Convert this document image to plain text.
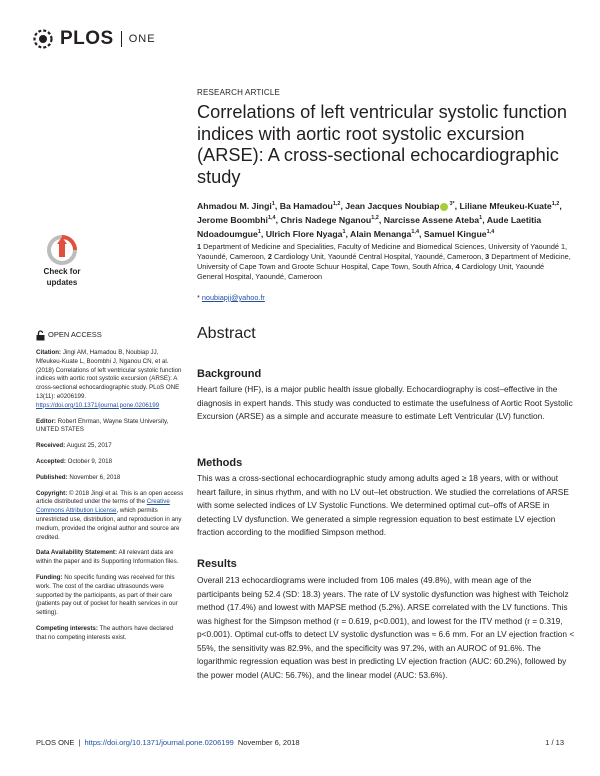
PLOS ONE
RESEARCH ARTICLE
Correlations of left ventricular systolic function indices with aortic root systolic excursion (ARSE): A cross-sectional echocardiographic study

Ahmadou M. Jingi$^1$, Ba Hamadou$^{1,2}$, Jean Jacques Noubiap $^{3*}$, Liliane Mfeukeu-Kuate$^{1,2}$, Jerome Boombhi$^{1,4}$, Chris Nadege Nganou$^{1,2}$, Narcisse Assene Ateba$^1$, Aude Laetitia Ndoadoumgue$^1$, Ulrich Flore Nyaga$^1$, Alain Menanga$^{1,4}$, Samuel Kingue$^{1,4}$

1 Department of Medicine and Specialities, Faculty of Medicine and Biomedical Sciences, University of Yaoundé 1, Yaoundé, Cameroon, 2 Cardiology Unit, Yaoundé Central Hospital, Yaoundé, Cameroon, 3 Department of Medicine, University of Cape Town and Groote Schuur Hospital, Cape Town, South Africa, 4 Cardiology Unit, Yaoundé General Hospital, Yaoundé, Cameroon

* noubiapjj@yahoo.fr
Check for
updates
OPEN ACCESS

Citation: Jingi AM, Hamadou B, Noubiap JJ, Mfeukeu-Kuate L, Boombhi J, Nganou CN, et al. (2018) Correlations of left ventricular systolic function indices with aortic root systolic excursion (ARSE): A cross-sectional echocardiographic study. PLoS ONE 13(11): e0206199. https://doi.org/10.1371/journal.pone.0206199

Editor: Robert Ehrman, Wayne State University, UNITED STATES

Received: August 25, 2017

Accepted: October 9, 2018

Published: November 6, 2018

Copyright: © 2018 Jingi et al. This is an open access article distributed under the terms of the Creative Commons Attribution License, which permits unrestricted use, distribution, and reproduction in any medium, provided the original author and source are credited.

Data Availability Statement: All relevant data are within the paper and its Supporting Information files.

Funding: No specific funding was received for this work. The cost of the cardiac ultrasounds were supported by the participants, as part of their care (patients pay out of pocket for health services in our setting).

Competing interests: The authors have declared that no competing interests exist.

Abstract
Background

Heart failure (HF), is a major public health issue globally. Echocardiography is cost–effective in the diagnosis in expert hands. This study was conducted to estimate the usefulness of Aortic Root Systolic Excursion (ARSE) as a simple and accurate measure to estimate Left Ventricular (LV) function.

Methods

This was a cross-sectional echocardiographic study among adults aged ≥ 18 years, with or without heart failure, in sinus rhythm, and with no LV out–let obstruction. We studied the correlations of ARSE with some selected indices of LV Systolic Functions. We determined optimal cut–offs of ARSE in detecting LV dysfunction. We generated a simple regression equation to best estimate LV ejection fraction according to the modified Simpson method.

Results

Overall 213 echocardiograms were included from 106 males (49.8%), with mean age of the participants being 52.4 (SD: 18.3) years. The rate of LV systolic dysfunction was highest with Teicholz method (17.4%) and lowest with MAPSE method (5.2%). ARSE correlated with the LV functions. This was highest for the Simpson method (r = 0.619, p<0.001), and lowest for the ITV method (r = 0.319, p<0.001). Optimal cut-offs to detect LV systolic dysfunction was ≈ 6.6 mm. For an LV ejection fraction < 55%, the sensitivity was 82.9%, and the specificity was 97.2%, with an AUROC of 91.6%. The logarithmic regression equation was best in predicting LV ejection fraction (AUC: 60.2%), followed by the power model (AUC: 56.7%), and the linear model (AUC: 53.6%).

PLOS ONE | https://doi.org/10.1371/journal.pone.0206199 November 6, 2018	1 / 13
